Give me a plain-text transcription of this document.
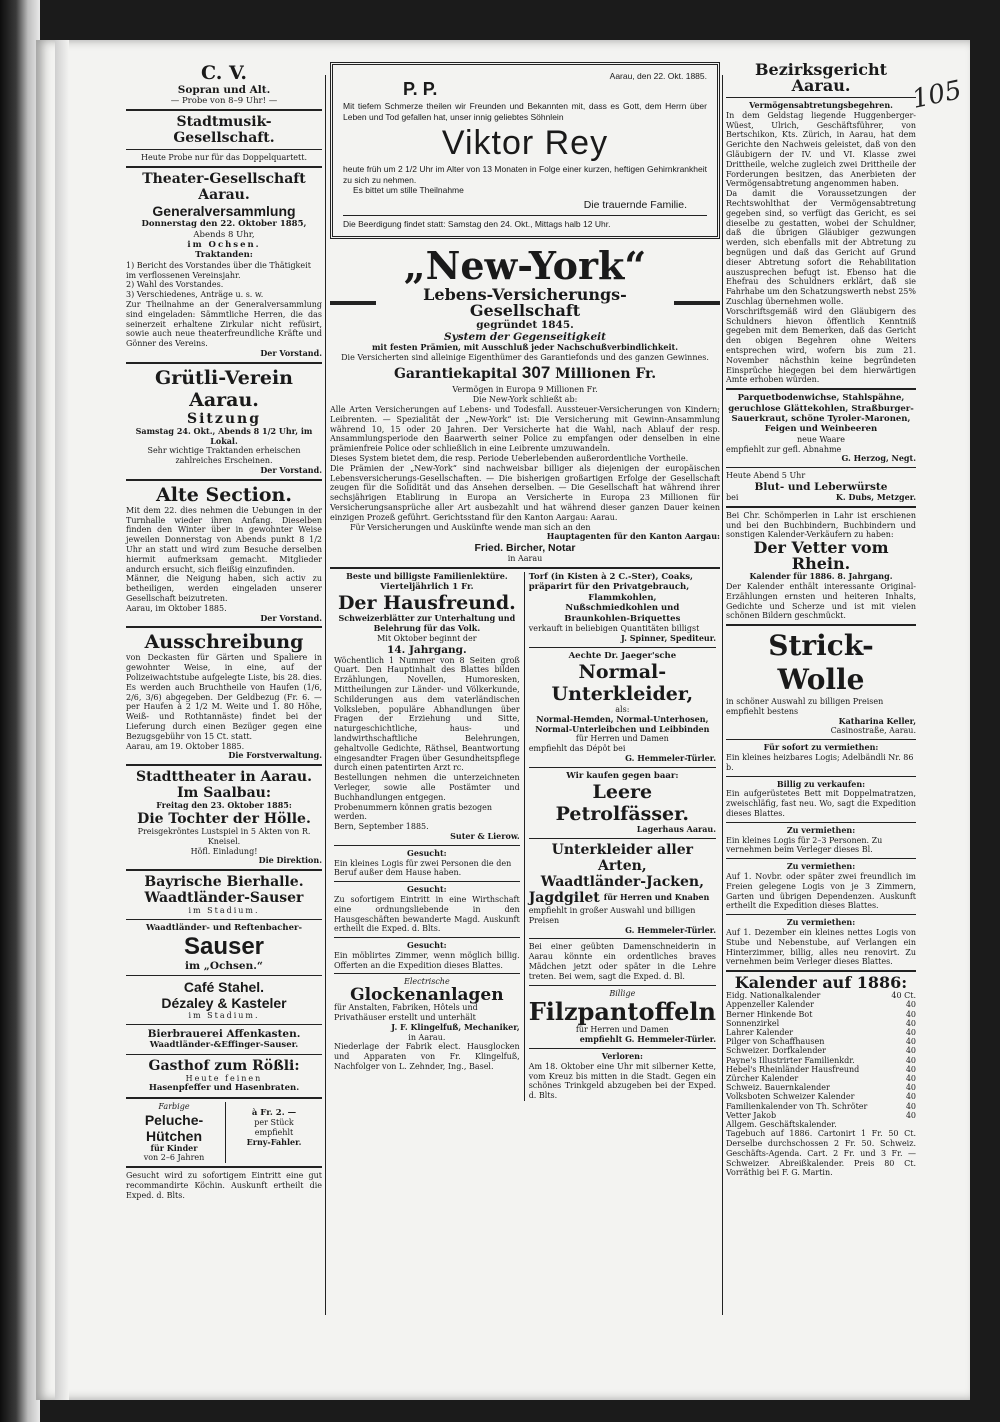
105
C. V.
Sopran und Alt.
— Probe von 8–9 Uhr! —
Stadtmusik-Gesellschaft.
Heute Probe nur für das Doppelquartett.
Theater-Gesellschaft Aarau.
Generalversammlung
Donnerstag den 22. Oktober 1885,
Abends 8 Uhr,
im Ochsen.
Traktanden:
1) Bericht des Vorstandes über die Thätigkeit im verflossenen Vereinsjahr.
2) Wahl des Vorstandes.
3) Verschiedenes, Anträge u. s. w.
Zur Theilnahme an der Generalversammlung sind eingeladen: Sämmtliche Herren, die das seinerzeit erhaltene Zirkular nicht refüsirt, sowie auch neue theaterfreundliche Kräfte und Gönner des Vereins.
Der Vorstand.
Grütli-Verein Aarau.
Sitzung
Samstag 24. Okt., Abends 8 1/2 Uhr, im Lokal.
Sehr wichtige Traktanden erheischen zahlreiches Erscheinen.
Der Vorstand.
Alte Section.
Mit dem 22. dies nehmen die Uebungen in der Turnhalle wieder ihren Anfang. Dieselben finden den Winter über in gewohnter Weise jeweilen Donnerstag von Abends punkt 8 1/2 Uhr an statt und wird zum Besuche derselben hiermit aufmerksam gemacht. Mitglieder andurch ersucht, sich fleißig einzufinden.
Männer, die Neigung haben, sich activ zu betheiligen, werden eingeladen unserer Gesellschaft beizutreten.
Aarau, im Oktober 1885.
Der Vorstand.
Ausschreibung
von Deckasten für Gärten und Spaliere in gewohnter Weise, in eine, auf der Polizeiwachtstube aufgelegte Liste, bis 28. dies. Es werden auch Bruchtheile von Haufen (1/6, 2/6, 3/6) abgegeben. Der Geldbezug (Fr. 6. — per Haufen à 2 1/2 M. Weite und 1. 80 Höhe, Weiß- und Rothtannäste) findet bei der Lieferung durch einen Bezüger gegen eine Bezugsgebühr von 15 Ct. statt.
Aarau, am 19. Oktober 1885.
Die Forstverwaltung.
Stadttheater in Aarau.
Im Saalbau:
Freitag den 23. Oktober 1885:
Die Tochter der Hölle.
Preisgekröntes Lustspiel in 5 Akten von R. Kneisel.
Höfl. Einladung!
Die Direktion.
Bayrische Bierhalle.
Waadtländer-Sauser
im Stadium.
Waadtländer- und Reftenbacher-
Sauser
im „Ochsen.“
Café Stahel.
Dézaley & Kasteler
im Stadium.
Bierbrauerei Affenkasten.
Waadtländer-&Effinger-Sauser.
Gasthof zum Rößli:
Heute feinen
Hasenpfeffer und Hasenbraten.
Farbige
Peluche-
Hütchen
für Kinder
von 2–6 Jahren
à Fr. 2. —
per Stück
empfiehlt
Erny-Fahler.
Gesucht wird zu sofortigem Eintritt eine gut recommandirte Köchin. Auskunft ertheilt die Exped. d. Blts.
Aarau, den 22. Okt. 1885.
P. P.
Mit tiefem Schmerze theilen wir Freunden und Bekannten mit, dass es Gott, dem Herrn über Leben und Tod gefallen hat, unser innig geliebtes Söhnlein
Viktor Rey
heute früh um 2 1/2 Uhr im Alter von 13 Monaten in Folge einer kurzen, heftigen Gehirnkrankheit zu sich zu nehmen.
Es bittet um stille Theilnahme
Die trauernde Familie.
Die Beerdigung findet statt: Samstag den 24. Okt., Mittags halb 12 Uhr.
„New-York“
Lebens-Versicherungs-Gesellschaft
gegründet 1845.
System der Gegenseitigkeit
mit festen Prämien, mit Ausschluß jeder Nachschußverbindlichkeit.
Die Versicherten sind alleinige Eigenthümer des Garantiefonds und des ganzen Gewinnes.
Garantiekapital 307 Millionen Fr.
Vermögen in Europa 9 Millionen Fr.
Die New-York schließt ab:
Alle Arten Versicherungen auf Lebens- und Todesfall. Aussteuer-Versicherungen von Kindern; Leibrenten. — Spezialität der „New-York“ ist: Die Versicherung mit Gewinn-Ansammlung während 10, 15 oder 20 Jahren. Der Versicherte hat die Wahl, nach Ablauf der resp. Ansammlungsperiode den Baarwerth seiner Police zu empfangen oder denselben in eine prämienfreie Police oder schließlich in eine Leibrente umzuwandeln.
Dieses System bietet dem, die resp. Periode Ueberlebenden außerordentliche Vortheile.
Die Prämien der „New-York“ sind nachweisbar billiger als diejenigen der europäischen Lebensversicherungs-Gesellschaften. — Die bisherigen großartigen Erfolge der Gesellschaft zeugen für die Solidität und das Ansehen derselben. — Die Gesellschaft hat während ihrer sechsjährigen Etablirung in Europa an Versicherte in Europa 23 Millionen für Versicherungsansprüche aller Art ausbezahlt und hat während dieser ganzen Dauer keinen einzigen Prozeß geführt. Gerichtsstand für den Kanton Aargau: Aarau.
Für Versicherungen und Auskünfte wende man sich an den
Hauptagenten für den Kanton Aargau:
Fried. Bircher, Notar
in Aarau
Beste und billigste Familienlektüre.
Vierteljährlich 1 Fr.
Der Hausfreund.
Schweizerblätter zur Unterhaltung und Belehrung für das Volk.
Mit Oktober beginnt der
14. Jahrgang.
Wöchentlich 1 Nummer von 8 Seiten groß Quart. Den Hauptinhalt des Blattes bilden Erzählungen, Novellen, Humoresken, Mittheilungen zur Länder- und Völkerkunde, Schilderungen aus dem vaterländischen Volksleben, populäre Abhandlungen über Fragen der Erziehung und Sitte, naturgeschichtliche, haus- und landwirthschaftliche Belehrungen, gehaltvolle Gedichte, Räthsel, Beantwortung eingesandter Fragen über Gesundheitspflege durch einen patentirten Arzt rc.
Bestellungen nehmen die unterzeichneten Verleger, sowie alle Postämter und Buchhandlungen entgegen.
Probenummern können gratis bezogen werden.
Bern, September 1885.
Suter & Lierow.
Gesucht:
Ein kleines Logis für zwei Personen die den Beruf außer dem Hause haben.
Gesucht:
Zu sofortigem Eintritt in eine Wirthschaft eine ordnungsliebende in den Hausgeschäften bewanderte Magd. Auskunft ertheilt die Exped. d. Blts.
Gesucht:
Ein möblirtes Zimmer, wenn möglich billig. Offerten an die Expedition dieses Blattes.
Electrische
Glockenanlagen
für Anstalten, Fabriken, Hôtels und Privathäuser erstellt und unterhält
J. F. Klingelfuß, Mechaniker,
in Aarau.
Niederlage der Fabrik elect. Hausglocken und Apparaten von Fr. Klingelfuß, Nachfolger von L. Zehnder, Ing., Basel.
Torf (in Kisten à 2 C.-Ster), Coaks, präparirt für den Privatgebrauch,
Flammkohlen,
Nußschmiedkohlen und
Braunkohlen-Briquettes
verkauft in beliebigen Quantitäten billigst
J. Spinner, Spediteur.
Aechte Dr. Jaeger'sche
Normal-Unterkleider,
als:
Normal-Hemden, Normal-Unterhosen, Normal-Unterleibchen und Leibbinden
für Herren und Damen
empfiehlt das Dépôt bei
G. Hemmeler-Türler.
Wir kaufen gegen baar:
Leere Petrolfässer.
Lagerhaus Aarau.
Unterkleider aller Arten,
Waadtländer-Jacken,
Jagdgilet für Herren und Knaben
empfiehlt in großer Auswahl und billigen Preisen
G. Hemmeler-Türler.
Bei einer geübten Damenschneiderin in Aarau könnte ein ordentliches braves Mädchen jetzt oder später in die Lehre treten. Bei wem, sagt die Exped. d. Bl.
Billige
Filzpantoffeln
für Herren und Damen
empfiehlt G. Hemmeler-Türler.
Verloren:
Am 18. Oktober eine Uhr mit silberner Kette, vom Kreuz bis mitten in die Stadt. Gegen ein schönes Trinkgeld abzugeben bei der Exped. d. Blts.
Bezirksgericht Aarau.
Vermögensabtretungsbegehren.
In dem Geldstag liegende Huggenberger-Wüest, Ulrich, Geschäftsführer, von Bertschikon, Kts. Zürich, in Aarau, hat dem Gerichte den Nachweis geleistet, daß von den Gläubigern der IV. und VI. Klasse zwei Drittheile, welche zugleich zwei Drittheile der Forderungen besitzen, das Anerbieten der Vermögensabtretung angenommen haben.
Da damit die Voraussetzungen der Rechtswohlthat der Vermögensabtretung gegeben sind, so verfügt das Gericht, es sei dieselbe zu gestatten, wobei der Schuldner, daß die übrigen Gläubiger gezwungen werden, sich ebenfalls mit der Abtretung zu begnügen und daß das Gericht auf Grund dieser Abtretung sofort die Rehabilitation auszusprechen befugt ist. Ebenso hat die Ehefrau des Schuldners erklärt, daß sie Fahrhabe um den Schatzungswerth nebst 25% Zuschlag übernehmen wolle.
Vorschriftsgemäß wird den Gläubigern des Schuldners hievon öffentlich Kenntniß gegeben mit dem Bemerken, daß das Gericht den obigen Begehren ohne Weiters entsprechen wird, wofern bis zum 21. November nächsthin keine begründeten Einsprüche hiegegen bei dem hierwärtigen Amte erhoben würden.
Parquetbodenwichse, Stahlspähne, geruchlose Glättekohlen, Straßburger-Sauerkraut, schöne Tyroler-Maronen, Feigen und Weinbeeren
neue Waare
empfiehlt zur gefl. Abnahme
G. Herzog, Negt.
Heute Abend 5 Uhr
Blut- und Leberwürste
bei	K. Dubs, Metzger.
Bei Chr. Schömperlen in Lahr ist erschienen und bei den Buchbindern, Buchbindern und sonstigen Kalender-Verkäufern zu haben:
Der Vetter vom Rhein.
Kalender für 1886. 8. Jahrgang.
Der Kalender enthält interessante Original-Erzählungen ernsten und heiteren Inhalts, Gedichte und Scherze und ist mit vielen schönen Bildern geschmückt.
Strick-Wolle
in schöner Auswahl zu billigen Preisen empfiehlt bestens
Katharina Keller,
Casinostraße, Aarau.
Für sofort zu vermiethen:
Ein kleines heizbares Logis; Adelbändli Nr. 86 b.
Billig zu verkaufen:
Ein aufgerüstetes Bett mit Doppelmatratzen, zweischläfig, fast neu. Wo, sagt die Expedition dieses Blattes.
Zu vermiethen:
Ein kleines Logis für 2–3 Personen. Zu vernehmen beim Verleger dieses Bl.
Zu vermiethen:
Auf 1. Novbr. oder später zwei freundlich im Freien gelegene Logis von je 3 Zimmern, Garten und übrigen Dependenzen. Auskunft ertheilt die Expedition dieses Blattes.
Zu vermiethen:
Auf 1. Dezember ein kleines nettes Logis von Stube und Nebenstube, auf Verlangen ein Hinterzimmer, billig, alles neu renovirt. Zu vernehmen beim Verleger dieses Blattes.
Kalender auf 1886:
Eidg. Nationalkalender	40 Ct.
Appenzeller Kalender	40
Berner Hinkende Bot	40
Sonnenzirkel	40
Lahrer Kalender	40
Pilger von Schaffhausen	40
Schweizer. Dorfkalender	40
Payne's Illustrirter Familienkdr.	40
Hebel's Rheinländer Hausfreund	40
Zürcher Kalender	40
Schweiz. Bauernkalender	40
Volksboten Schweizer Kalender	40
Familienkalender von Th. Schröter	40
Vetter Jakob	40
Allgem. Geschäftskalender.
Tagebuch auf 1886. Cartonirt 1 Fr. 50 Ct. Derselbe durchschossen 2 Fr. 50. Schweiz. Geschäfts-Agenda. Cart. 2 Fr. und 3 Fr. — Schweizer. Abreißkalender. Preis 80 Ct. Vorräthig bei F. G. Martin.
